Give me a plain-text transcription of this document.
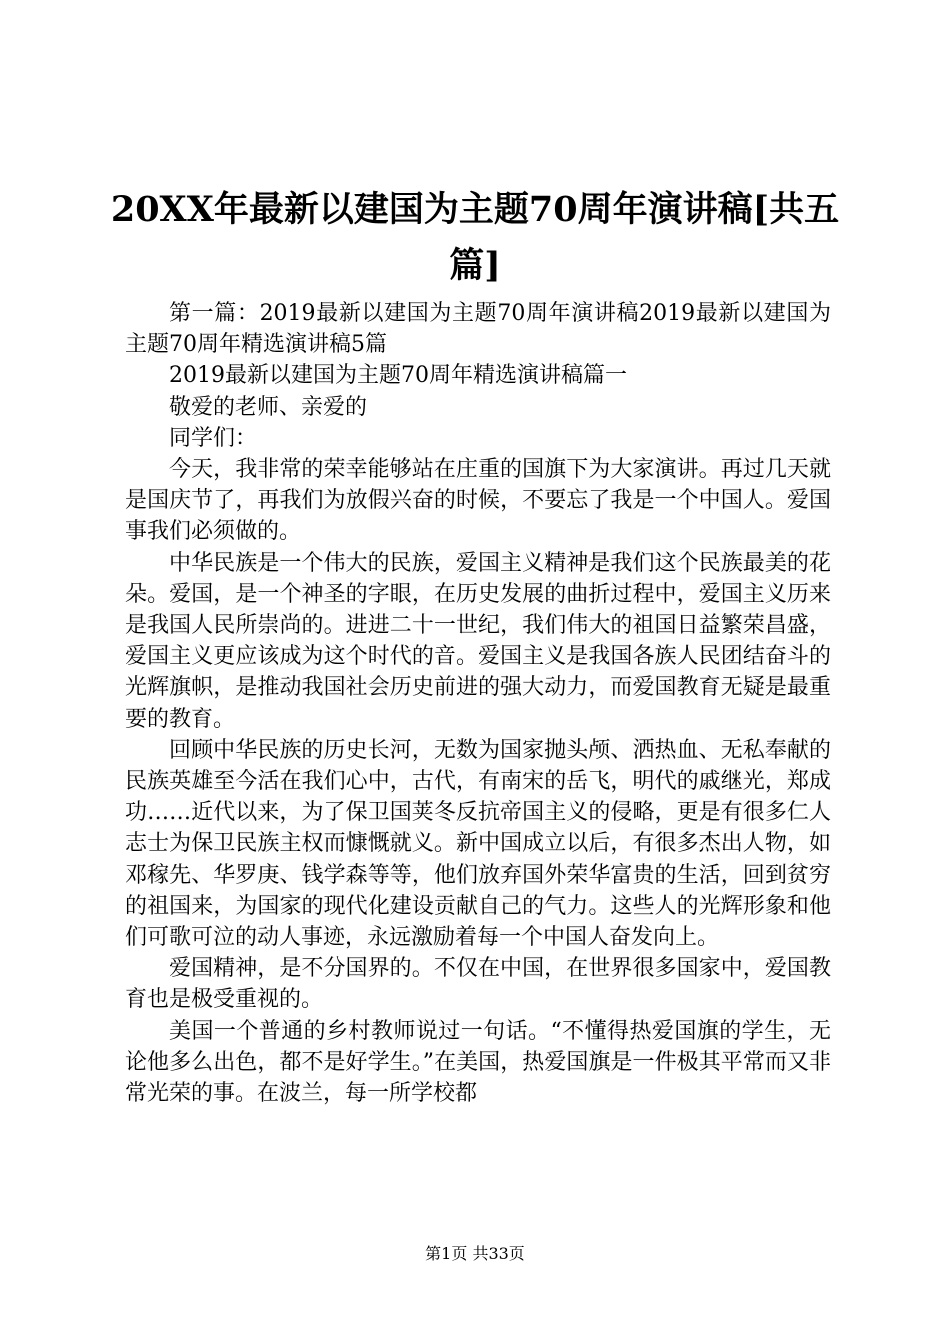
20XX年最新以建国为主题70周年演讲稿[共五篇]

第一篇：2019最新以建国为主题70周年演讲稿2019最新以建国为主题70周年精选演讲稿5篇

2019最新以建国为主题70周年精选演讲稿篇一

敬爱的老师、亲爱的

同学们：

今天，我非常的荣幸能够站在庄重的国旗下为大家演讲。再过几天就是国庆节了，再我们为放假兴奋的时候，不要忘了我是一个中国人。爱国事我们必须做的。

中华民族是一个伟大的民族，爱国主义精神是我们这个民族最美的花朵。爱国，是一个神圣的字眼，在历史发展的曲折过程中，爱国主义历来是我国人民所崇尚的。进进二十一世纪，我们伟大的祖国日益繁荣昌盛，爱国主义更应该成为这个时代的音。爱国主义是我国各族人民团结奋斗的光辉旗帜，是推动我国社会历史前进的强大动力，而爱国教育无疑是最重要的教育。

回顾中华民族的历史长河，无数为国家抛头颅、洒热血、无私奉献的民族英雄至今活在我们心中，古代，有南宋的岳飞，明代的戚继光，郑成功……近代以来，为了保卫国荚冬反抗帝国主义的侵略，更是有很多仁人志士为保卫民族主权而慷慨就义。新中国成立以后，有很多杰出人物，如邓稼先、华罗庚、钱学森等等，他们放弃国外荣华富贵的生活，回到贫穷的祖国来，为国家的现代化建设贡献自己的气力。这些人的光辉形象和他们可歌可泣的动人事迹，永远激励着每一个中国人奋发向上。

爱国精神，是不分国界的。不仅在中国，在世界很多国家中，爱国教育也是极受重视的。

美国一个普通的乡村教师说过一句话。“不懂得热爱国旗的学生，无论他多么出色，都不是好学生。”在美国，热爱国旗是一件极其平常而又非常光荣的事。在波兰，每一所学校都

第1页 共33页
